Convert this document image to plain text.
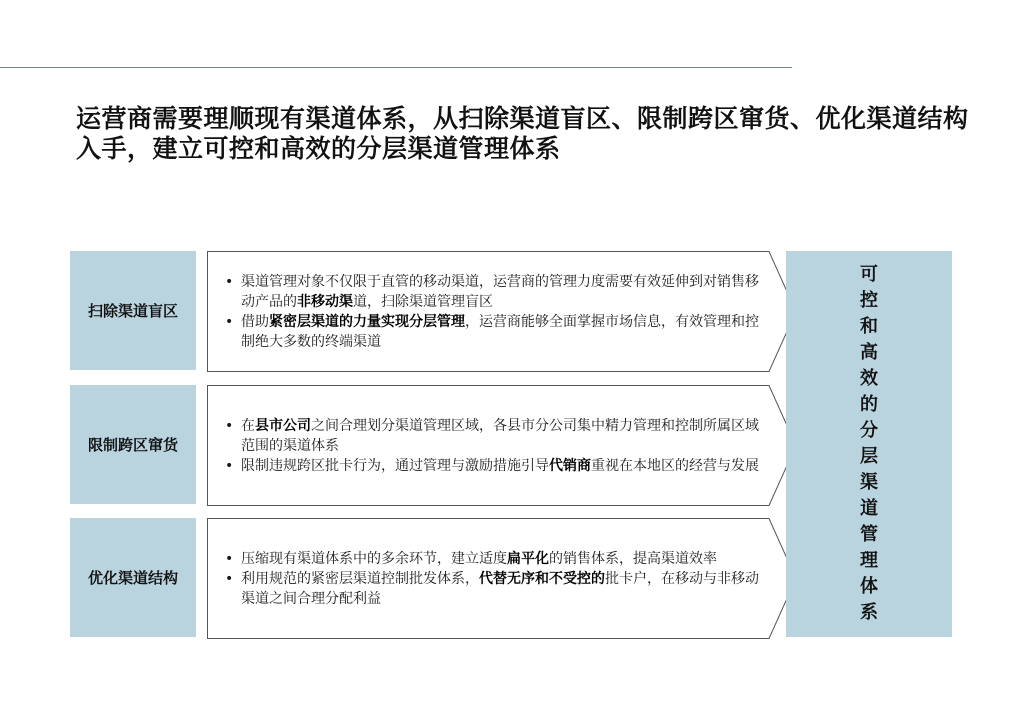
运营商需要理顺现有渠道体系，从扫除渠道盲区、限制跨区窜货、优化渠道结构入手，建立可控和高效的分层渠道管理体系
扫除渠道盲区
• 渠道管理对象不仅限于直管的移动渠道，运营商的管理力度需要有效延伸到对销售移动产品的非移动渠道，扫除渠道管理盲区
• 借助紧密层渠道的力量实现分层管理，运营商能够全面掌握市场信息，有效管理和控制绝大多数的终端渠道
限制跨区窜货
• 在县市公司之间合理划分渠道管理区域，各县市分公司集中精力管理和控制所属区域范围的渠道体系
• 限制违规跨区批卡行为，通过管理与激励措施引导代销商重视在本地区的经营与发展
优化渠道结构
• 压缩现有渠道体系中的多余环节，建立适度扁平化的销售体系，提高渠道效率
• 利用规范的紧密层渠道控制批发体系，代替无序和不受控的批卡户，在移动与非移动渠道之间合理分配利益
可
控
和
高
效
的
分
层
渠
道
管
理
体
系
